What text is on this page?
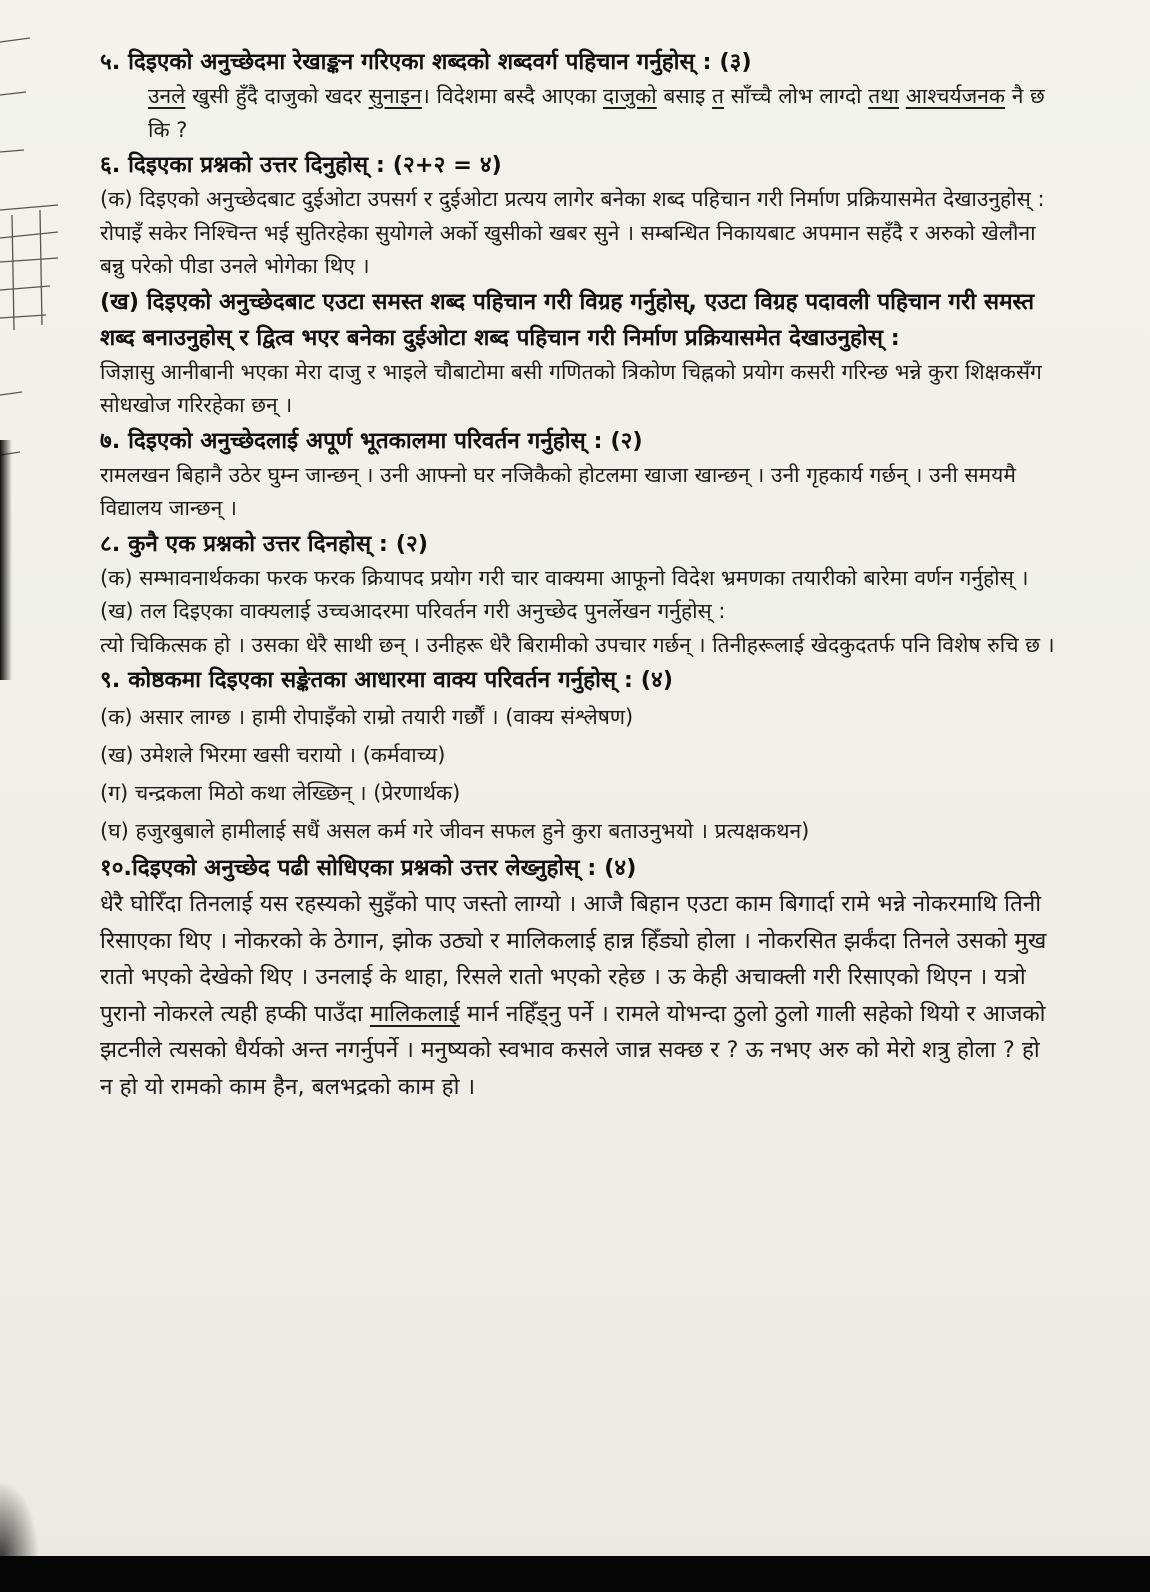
५. दिइएको अनुच्छेदमा रेखाङ्कन गरिएका शब्दको शब्दवर्ग पहिचान गर्नुहोस् : (३)

उनले खुसी हुँदै दाजुको खदर सुनाइन। विदेशमा बस्दै आएका दाजुको बसाइ त साँच्चै लोभ लाग्दो तथा आश्चर्यजनक नै छ कि ?

६. दिइएका प्रश्नको उत्तर दिनुहोस् : (२+२ = ४)

(क) दिइएको अनुच्छेदबाट दुईओटा उपसर्ग र दुईओटा प्रत्यय लागेर बनेका शब्द पहिचान गरी निर्माण प्रक्रियासमेत देखाउनुहोस् :

रोपाइँ सकेर निश्चिन्त भई सुतिरहेका सुयोगले अर्को खुसीको खबर सुने । सम्बन्धित निकायबाट अपमान सहँदै र अरुको खेलौना बन्नु परेको पीडा उनले भोगेका थिए ।

(ख) दिइएको अनुच्छेदबाट एउटा समस्त शब्द पहिचान गरी विग्रह गर्नुहोस्, एउटा विग्रह पदावली पहिचान गरी समस्त शब्द बनाउनुहोस् र द्वित्व भएर बनेका दुईओटा शब्द पहिचान गरी निर्माण प्रक्रियासमेत देखाउनुहोस् :

जिज्ञासु आनीबानी भएका मेरा दाजु र भाइले चौबाटोमा बसी गणितको त्रिकोण चिह्नको प्रयोग कसरी गरिन्छ भन्ने कुरा शिक्षकसँग सोधखोज गरिरहेका छन् ।

७. दिइएको अनुच्छेदलाई अपूर्ण भूतकालमा परिवर्तन गर्नुहोस् : (२)

रामलखन बिहानै उठेर घुम्न जान्छन् । उनी आफ्नो घर नजिकैको होटलमा खाजा खान्छन् । उनी गृहकार्य गर्छन् । उनी समयमै विद्यालय जान्छन् ।

८. कुनै एक प्रश्नको उत्तर दिनहोस् : (२)

(क) सम्भावनार्थकका फरक फरक क्रियापद प्रयोग गरी चार वाक्यमा आफूनो विदेश भ्रमणका तयारीको बारेमा वर्णन गर्नुहोस् ।

(ख) तल दिइएका वाक्यलाई उच्चआदरमा परिवर्तन गरी अनुच्छेद पुनर्लेखन गर्नुहोस् :

त्यो चिकित्सक हो । उसका धेरै साथी छन् । उनीहरू धेरै बिरामीको उपचार गर्छन् । तिनीहरूलाई खेदकुदतर्फ पनि विशेष रुचि छ ।

९. कोष्ठकमा दिइएका सङ्केतका आधारमा वाक्य परिवर्तन गर्नुहोस् : (४)

(क) असार लाग्छ । हामी रोपाइँको राम्रो तयारी गर्छौं । (वाक्य संश्लेषण)

(ख) उमेशले भिरमा खसी चरायो । (कर्मवाच्य)

(ग) चन्द्रकला मिठो कथा लेख्छिन् । (प्रेरणार्थक)

(घ) हजुरबुबाले हामीलाई सधैं असल कर्म गरे जीवन सफल हुने कुरा बताउनुभयो । प्रत्यक्षकथन)

१०.दिइएको अनुच्छेद पढी सोधिएका प्रश्नको उत्तर लेख्नुहोस् : (४)

धेरै घोरिँदा तिनलाई यस रहस्यको सुइँको पाए जस्तो लाग्यो । आजै बिहान एउटा काम बिगार्दा रामे भन्ने नोकरमाथि तिनी रिसाएका थिए । नोकरको के ठेगान, झोक उठ्यो र मालिकलाई हान्न हिँड्यो होला । नोकरसित झर्कंदा तिनले उसको मुख रातो भएको देखेको थिए । उनलाई के थाहा, रिसले रातो भएको रहेछ । ऊ केही अचाक्ली गरी रिसाएको थिएन । यत्रो पुरानो नोकरले त्यही हप्की पाउँदा मालिकलाई मार्न नहिँड्नु पर्ने । रामले योभन्दा ठुलो ठुलो गाली सहेको थियो र आजको झटनीले त्यसको धैर्यको अन्त नगर्नुपर्ने । मनुष्यको स्वभाव कसले जान्न सक्छ र ? ऊ नभए अरु को मेरो शत्रु होला ? हो न हो यो रामको काम हैन, बलभद्रको काम हो ।
